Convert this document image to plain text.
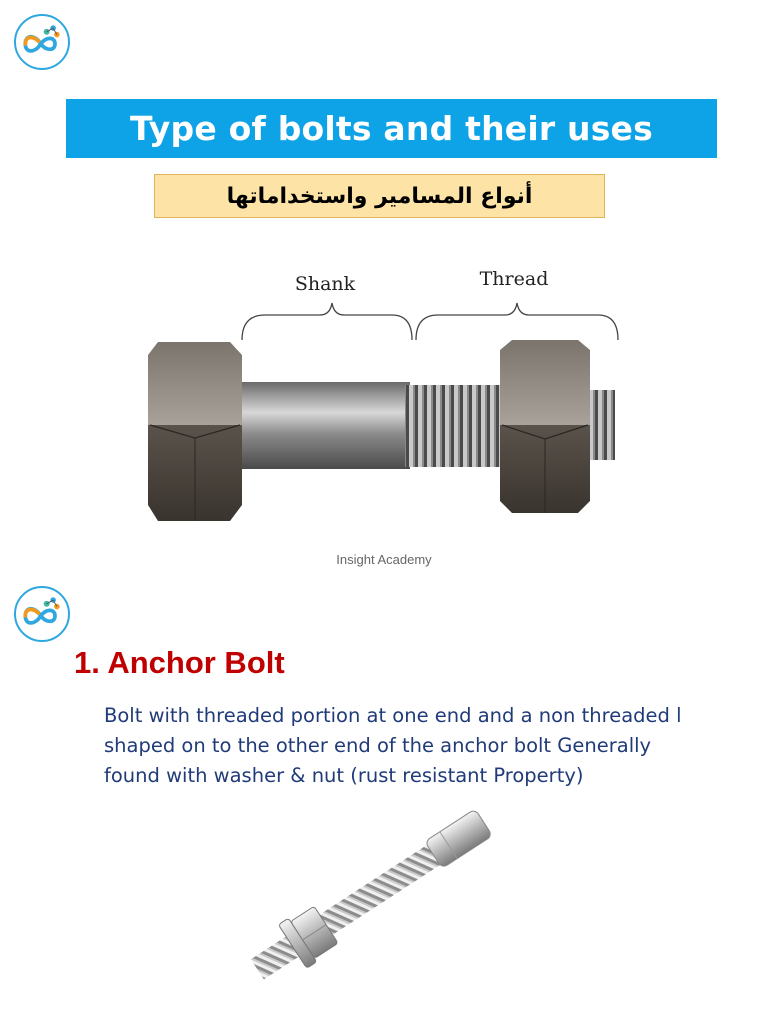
Type of bolts and their uses
أنواع المسامير واستخداماتها
Shank	Thread
Insight Academy
1. Anchor Bolt
Bolt with threaded portion at one end and a non threaded l shaped on to the other end of the anchor bolt Generally found with washer & nut (rust resistant Property)
